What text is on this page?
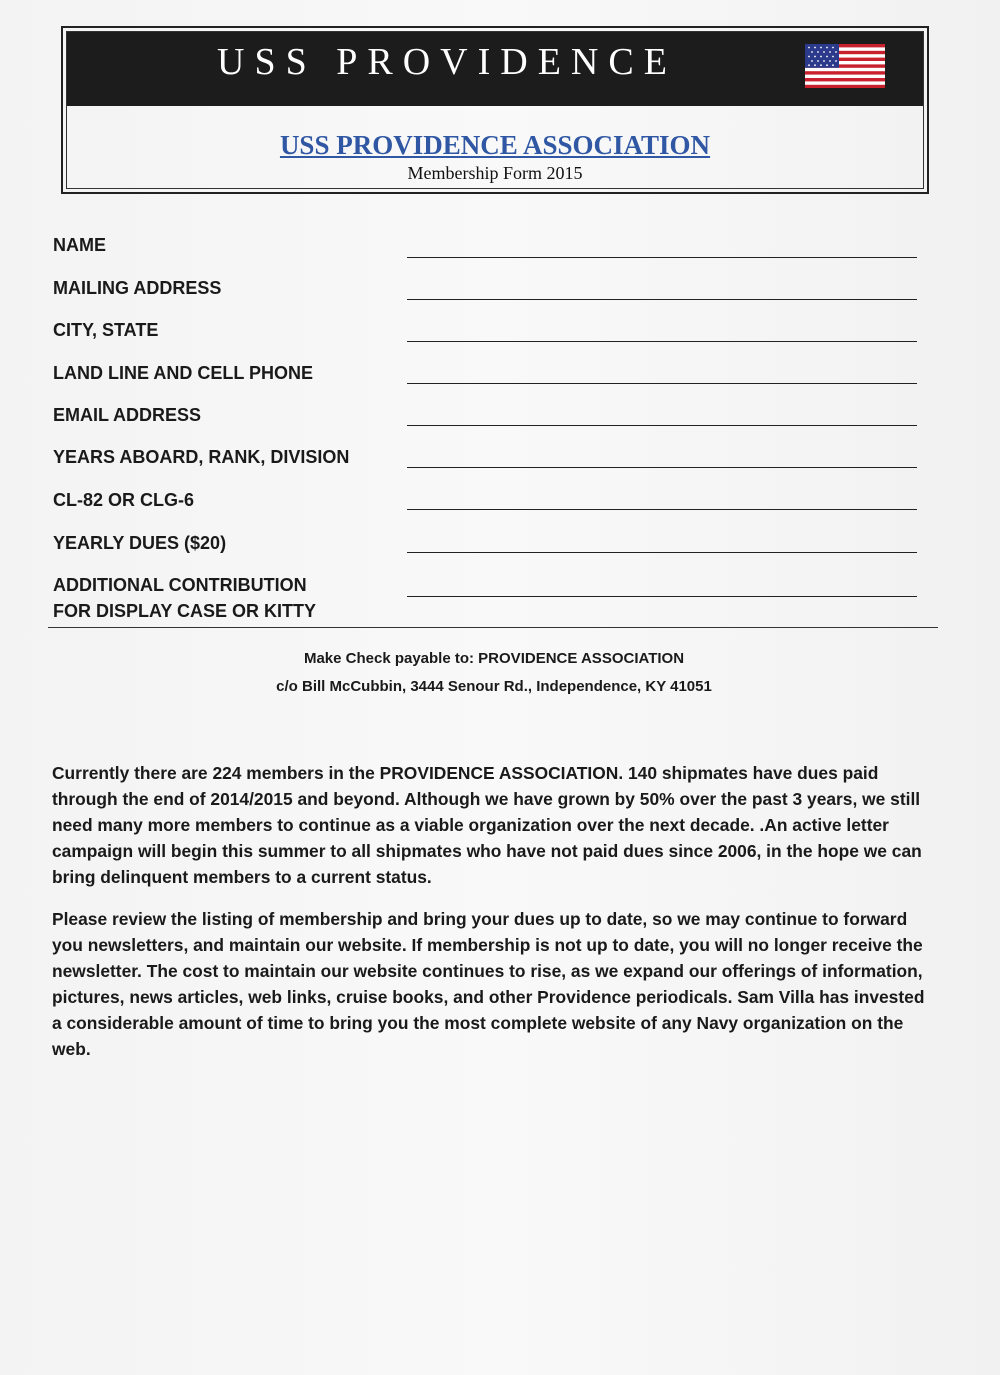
USS PROVIDENCE
USS PROVIDENCE ASSOCIATION
Membership Form 2015
NAME
MAILING ADDRESS
CITY, STATE
LAND LINE AND CELL PHONE
EMAIL ADDRESS
YEARS ABOARD, RANK, DIVISION
CL-82 OR CLG-6
YEARLY DUES ($20)
ADDITIONAL CONTRIBUTION
FOR DISPLAY CASE OR KITTY
Make Check payable to: PROVIDENCE ASSOCIATION
c/o Bill McCubbin, 3444 Senour Rd., Independence, KY 41051
Currently there are 224 members in the PROVIDENCE ASSOCIATION. 140 shipmates have dues paid through the end of 2014/2015 and beyond. Although we have grown by 50% over the past 3 years, we still need many more members to continue as a viable organization over the next decade. .An active letter campaign will begin this summer to all shipmates who have not paid dues since 2006, in the hope we can bring delinquent members to a current status.
Please review the listing of membership and bring your dues up to date, so we may continue to forward you newsletters, and maintain our website. If membership is not up to date, you will no longer receive the newsletter. The cost to maintain our website continues to rise, as we expand our offerings of information, pictures, news articles, web links, cruise books, and other Providence periodicals. Sam Villa has invested a considerable amount of time to bring you the most complete website of any Navy organization on the web.
